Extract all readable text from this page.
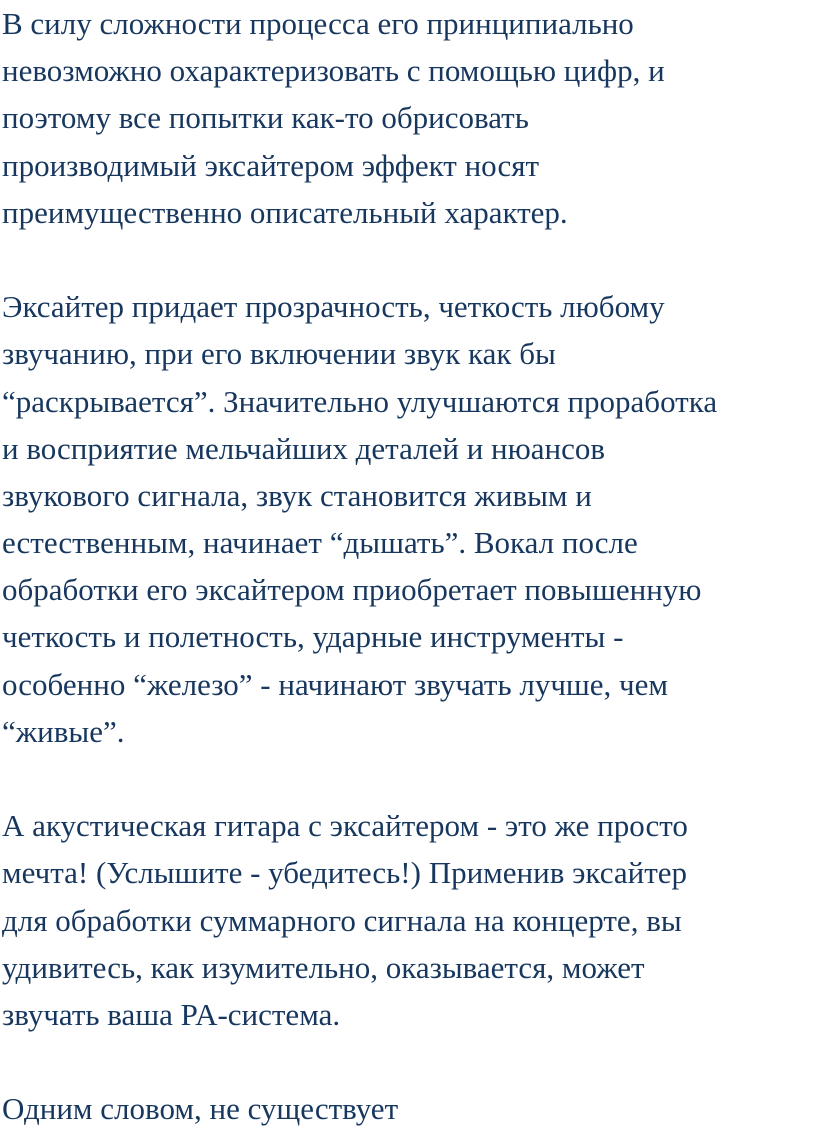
В силу сложности процесса его принципиально
невозможно охарактеризовать с помощью цифр, и
поэтому все попытки как-то обрисовать
производимый эксайтером эффект носят
преимущественно описательный характер.
Эксайтер придает прозрачность, четкость любому
звучанию, при его включении звук как бы
“раскрывается”. Значительно улучшаются проработка
и восприятие мельчайших деталей и нюансов
звукового сигнала, звук становится живым и
естественным, начинает “дышать”. Вокал после
обработки его эксайтером приобретает повышенную
четкость и полетность, ударные инструменты -
особенно “железо” - начинают звучать лучше, чем
“живые”.
А акустическая гитара с эксайтером - это же просто
мечта! (Услышите - убедитесь!) Применив эксайтер
для обработки суммарного сигнала на концерте, вы
удивитесь, как изумительно, оказывается, может
звучать ваша PA-система.
Одним словом, не существует
